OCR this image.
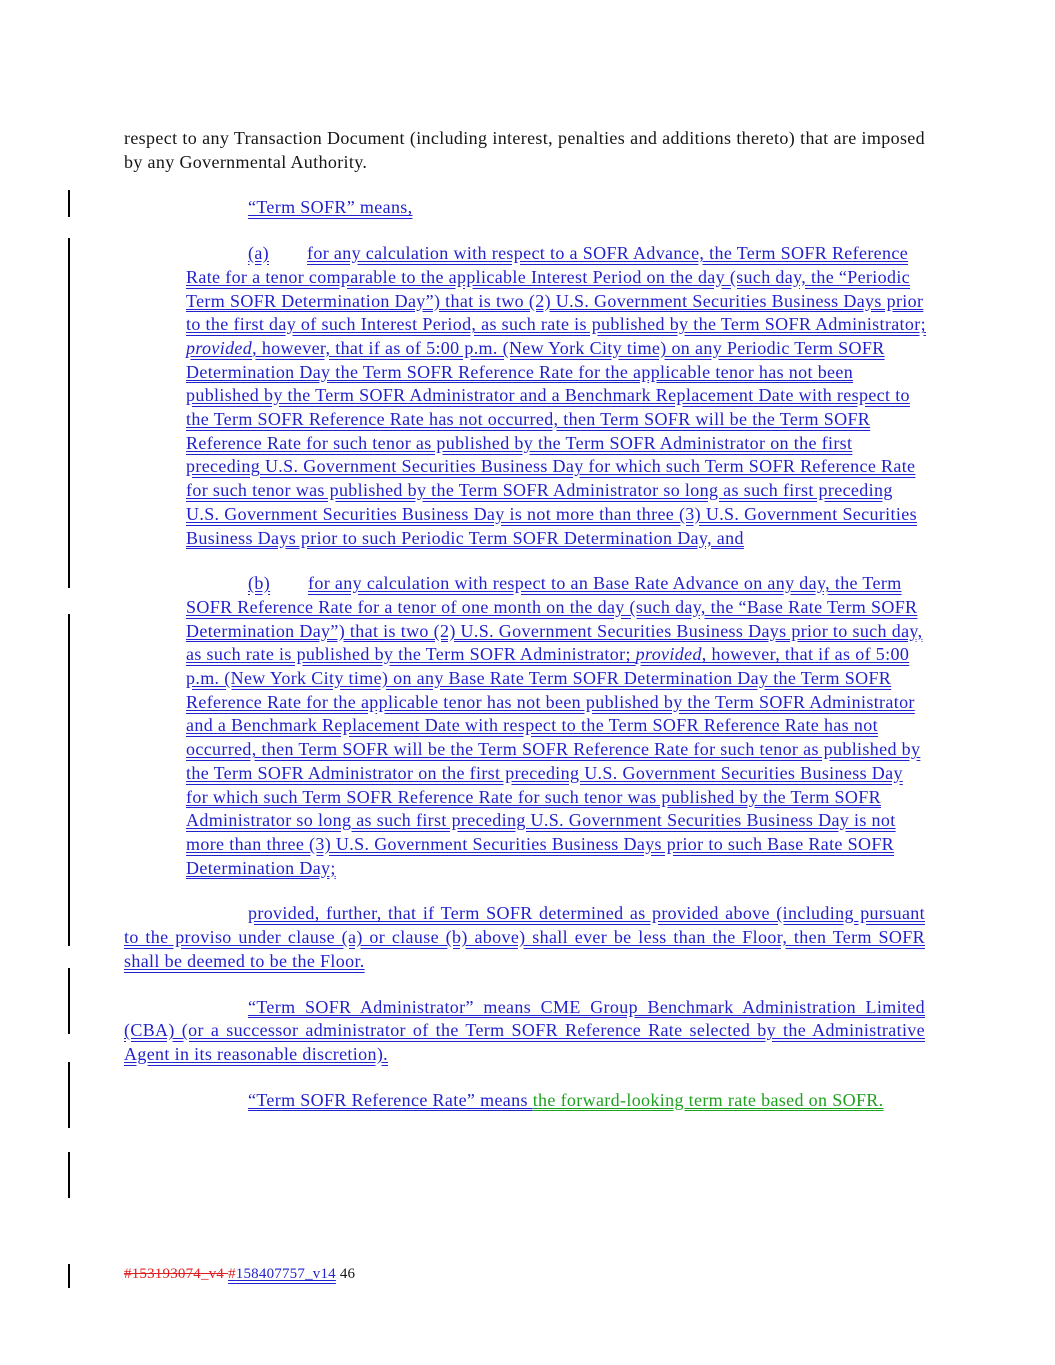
respect to any Transaction Document (including interest, penalties and additions thereto) that are imposed by any Governmental Authority.

“Term SOFR” means,

(a) for any calculation with respect to a SOFR Advance, the Term SOFR Reference Rate for a tenor comparable to the applicable Interest Period on the day (such day, the “Periodic Term SOFR Determination Day”) that is two (2) U.S. Government Securities Business Days prior to the first day of such Interest Period, as such rate is published by the Term SOFR Administrator; provided, however, that if as of 5:00 p.m. (New York City time) on any Periodic Term SOFR Determination Day the Term SOFR Reference Rate for the applicable tenor has not been published by the Term SOFR Administrator and a Benchmark Replacement Date with respect to the Term SOFR Reference Rate has not occurred, then Term SOFR will be the Term SOFR Reference Rate for such tenor as published by the Term SOFR Administrator on the first preceding U.S. Government Securities Business Day for which such Term SOFR Reference Rate for such tenor was published by the Term SOFR Administrator so long as such first preceding U.S. Government Securities Business Day is not more than three (3) U.S. Government Securities Business Days prior to such Periodic Term SOFR Determination Day, and
(b) for any calculation with respect to an Base Rate Advance on any day, the Term SOFR Reference Rate for a tenor of one month on the day (such day, the “Base Rate Term SOFR Determination Day”) that is two (2) U.S. Government Securities Business Days prior to such day, as such rate is published by the Term SOFR Administrator; provided, however, that if as of 5:00 p.m. (New York City time) on any Base Rate Term SOFR Determination Day the Term SOFR Reference Rate for the applicable tenor has not been published by the Term SOFR Administrator and a Benchmark Replacement Date with respect to the Term SOFR Reference Rate has not occurred, then Term SOFR will be the Term SOFR Reference Rate for such tenor as published by the Term SOFR Administrator on the first preceding U.S. Government Securities Business Day for which such Term SOFR Reference Rate for such tenor was published by the Term SOFR Administrator so long as such first preceding U.S. Government Securities Business Day is not more than three (3) U.S. Government Securities Business Days prior to such Base Rate SOFR Determination Day;

provided, further, that if Term SOFR determined as provided above (including pursuant to the proviso under clause (a) or clause (b) above) shall ever be less than the Floor, then Term SOFR shall be deemed to be the Floor.

“Term SOFR Administrator” means CME Group Benchmark Administration Limited (CBA) (or a successor administrator of the Term SOFR Reference Rate selected by the Administrative Agent in its reasonable discretion).

“Term SOFR Reference Rate” means the forward-looking term rate based on SOFR.

#153193074_v4 #158407757_v14 46
